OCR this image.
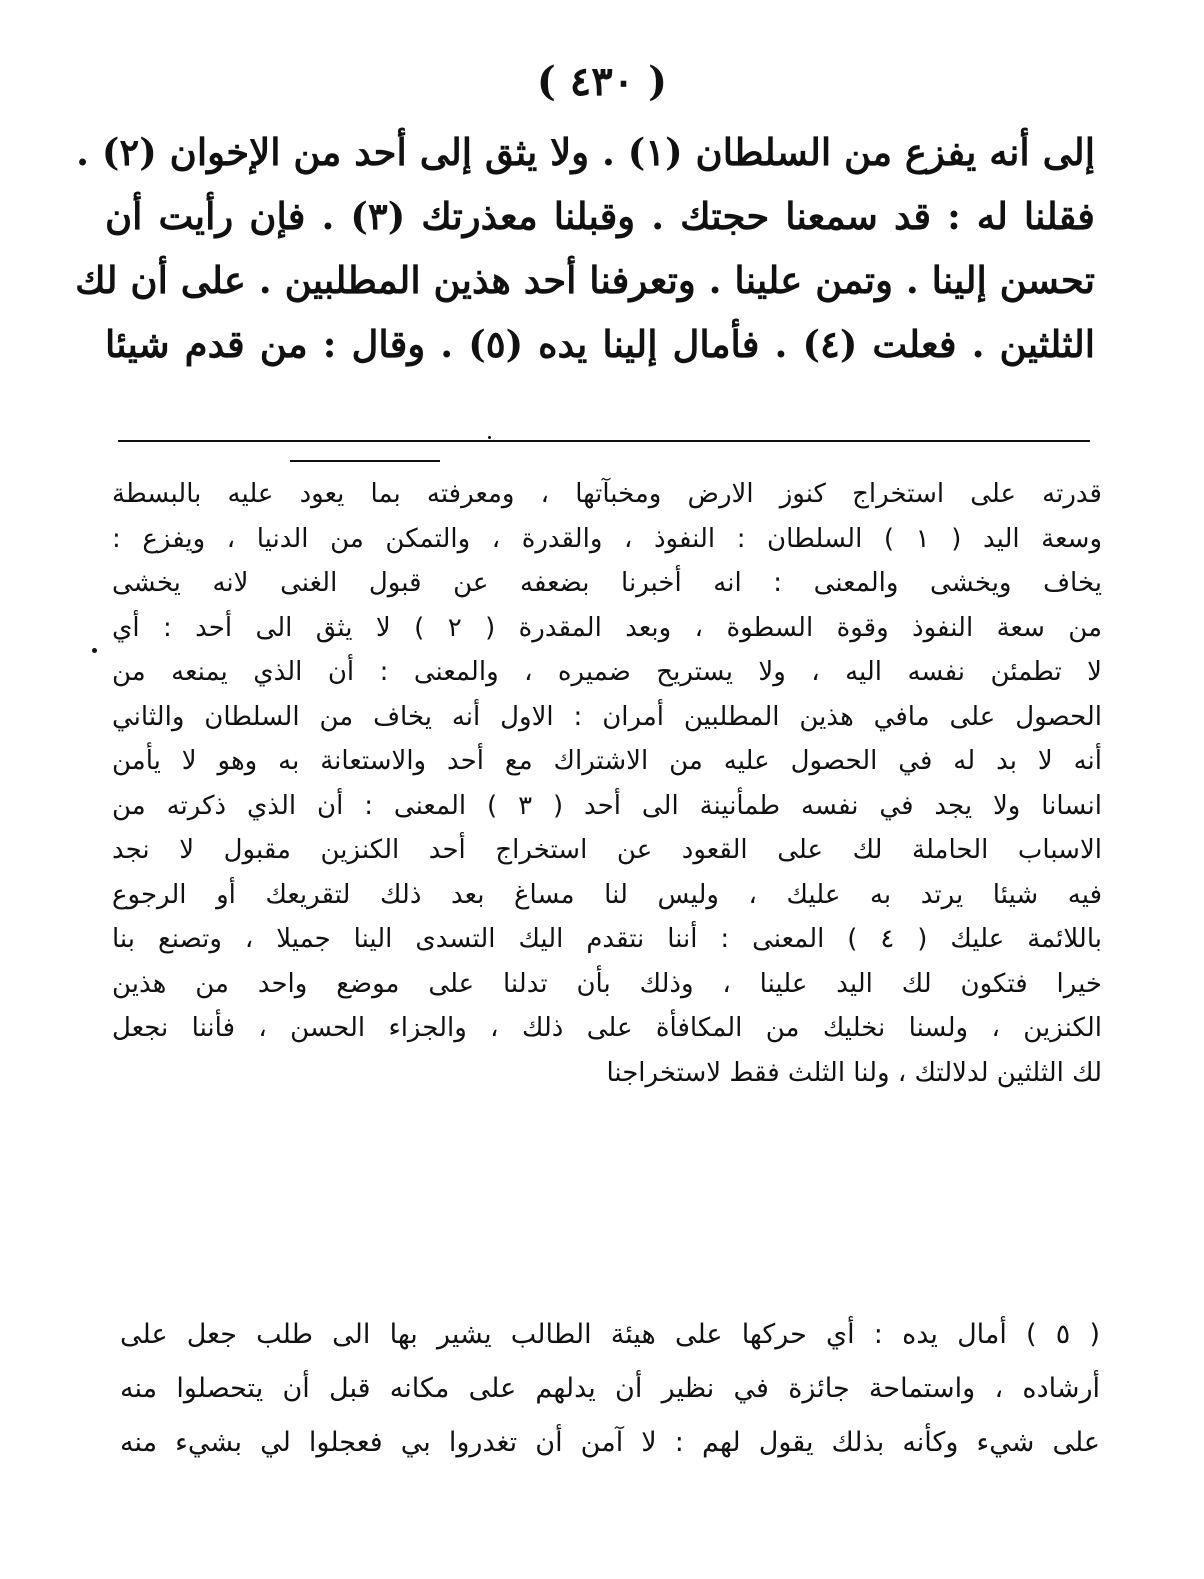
( ٤٣٠ )
إلى أنه يفزع من السلطان (١) . ولا يثق إلى أحد من الإخوان (٢) .
فقلنا له : قد سمعنا حجتك . وقبلنا معذرتك (٣) . فإن رأيت أن
تحسن إلينا . وتمن علينا . وتعرفنا أحد هذين المطلبين . على أن لك
الثلثين . فعلت (٤) . فأمال إلينا يده (٥) . وقال : من قدم شيئا
قدرته على استخراج كنوز الارض ومخبآتها ، ومعرفته بما يعود عليه بالبسطة
وسعة اليد ( ١ ) السلطان : النفوذ ، والقدرة ، والتمكن من الدنيا ، ويفزع :
يخاف ويخشى والمعنى : انه أخبرنا بضعفه عن قبول الغنى لانه يخشى
من سعة النفوذ وقوة السطوة ، وبعد المقدرة ( ٢ ) لا يثق الى أحد : أي
لا تطمئن نفسه اليه ، ولا يستريح ضميره ، والمعنى : أن الذي يمنعه من
الحصول على مافي هذين المطلبين أمران : الاول أنه يخاف من السلطان والثاني
أنه لا بد له في الحصول عليه من الاشتراك مع أحد والاستعانة به وهو لا يأمن
انسانا ولا يجد في نفسه طمأنينة الى أحد ( ٣ ) المعنى : أن الذي ذكرته من
الاسباب الحاملة لك على القعود عن استخراج أحد الكنزين مقبول لا نجد
فيه شيئا يرتد به عليك ، وليس لنا مساغ بعد ذلك لتقريعك أو الرجوع
باللائمة عليك ( ٤ ) المعنى : أننا نتقدم اليك التسدى الينا جميلا ، وتصنع بنا
خيرا فتكون لك اليد علينا ، وذلك بأن تدلنا على موضع واحد من هذين
الكنزين ، ولسنا نخليك من المكافأة على ذلك ، والجزاء الحسن ، فأننا نجعل
لك الثلثين لدلالتك ، ولنا الثلث فقط لاستخراجنا
( ٥ ) أمال يده : أي حركها على هيئة الطالب يشير بها الى طلب جعل على
أرشاده ، واستماحة جائزة في نظير أن يدلهم على مكانه قبل أن يتحصلوا منه
على شيء وكأنه بذلك يقول لهم : لا آمن أن تغدروا بي فعجلوا لي بشيء منه
